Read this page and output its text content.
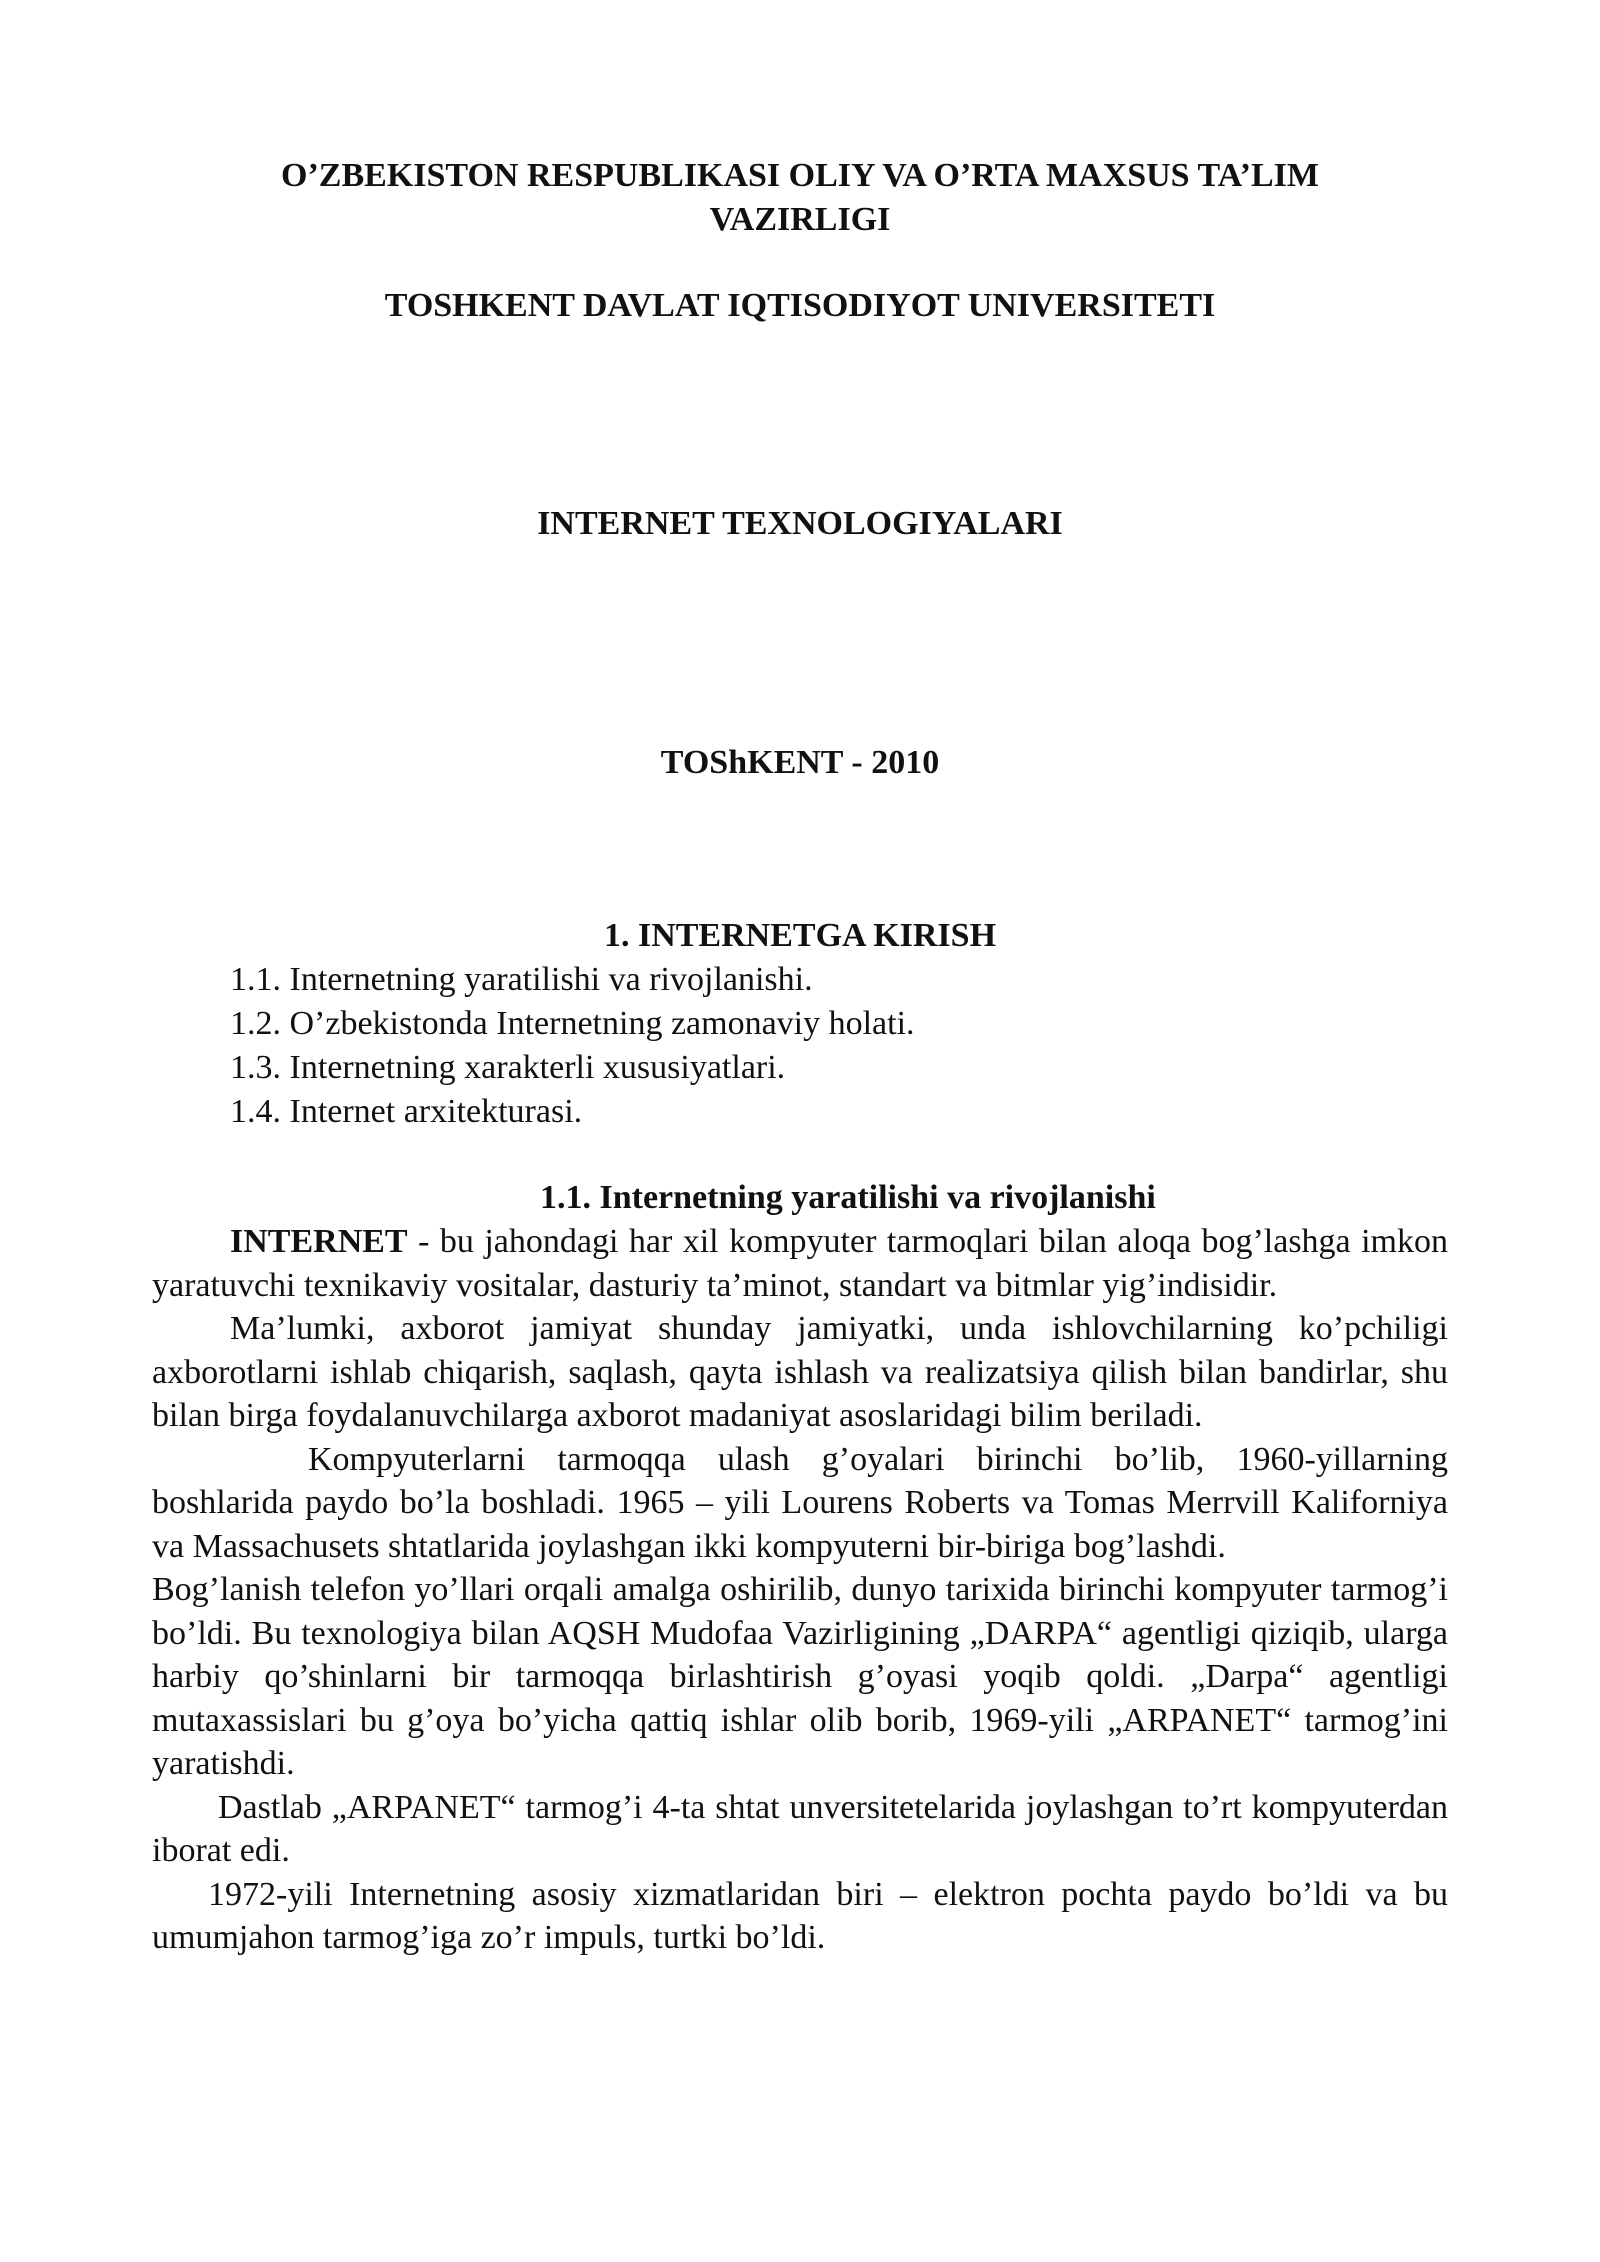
O’ZBEKISTON RESPUBLIKASI OLIY VA O’RTA MAXSUS TA’LIM
VAZIRLIGI
TOSHKENT DAVLAT IQTISODIYOT UNIVERSITETI
INTERNET TEXNOLOGIYALARI
TOShKENT - 2010
1. INTERNETGA KIRISH
1.1. Internetning yaratilishi va rivojlanishi.
1.2. O’zbekistonda Internetning zamonaviy holati.
1.3. Internetning xarakterli xususiyatlari.
1.4. Internet arxitekturasi.
1.1. Internetning yaratilishi va rivojlanishi

INTERNET - bu jahondagi har xil kompyuter tarmoqlari bilan aloqa bog’lashga imkon yaratuvchi texnikaviy vositalar, dasturiy ta’minot, standart va bitmlar yig’indisidir.

Ma’lumki, axborot jamiyat shunday jamiyatki, unda ishlovchilarning ko’pchiligi axborotlarni ishlab chiqarish, saqlash, qayta ishlash va realizatsiya qilish bilan bandirlar, shu bilan birga foydalanuvchilarga axborot madaniyat asoslaridagi bilim beriladi.

Kompyuterlarni tarmoqqa ulash g’oyalari birinchi bo’lib, 1960-yillarning boshlarida paydo bo’la boshladi. 1965 – yili Lourens Roberts va Tomas Merrvill Kaliforniya va Massachusets shtatlarida joylashgan ikki kompyuterni bir-biriga bog’lashdi.

Bog’lanish telefon yo’llari orqali amalga oshirilib, dunyo tarixida birinchi kompyuter tarmog’i bo’ldi. Bu texnologiya bilan AQSH Mudofaa Vazirligining „DARPA“ agentligi qiziqib, ularga harbiy qo’shinlarni bir tarmoqqa birlashtirish g’oyasi yoqib qoldi. „Darpa“ agentligi mutaxassislari bu g’oya bo’yicha qattiq ishlar olib borib, 1969-yili „ARPANET“ tarmog’ini yaratishdi.

Dastlab „ARPANET“ tarmog’i 4-ta shtat unversitetelarida joylashgan to’rt kompyuterdan iborat edi.

1972-yili Internetning asosiy xizmatlaridan biri – elektron pochta paydo bo’ldi va bu umumjahon tarmog’iga zo’r impuls, turtki bo’ldi.
